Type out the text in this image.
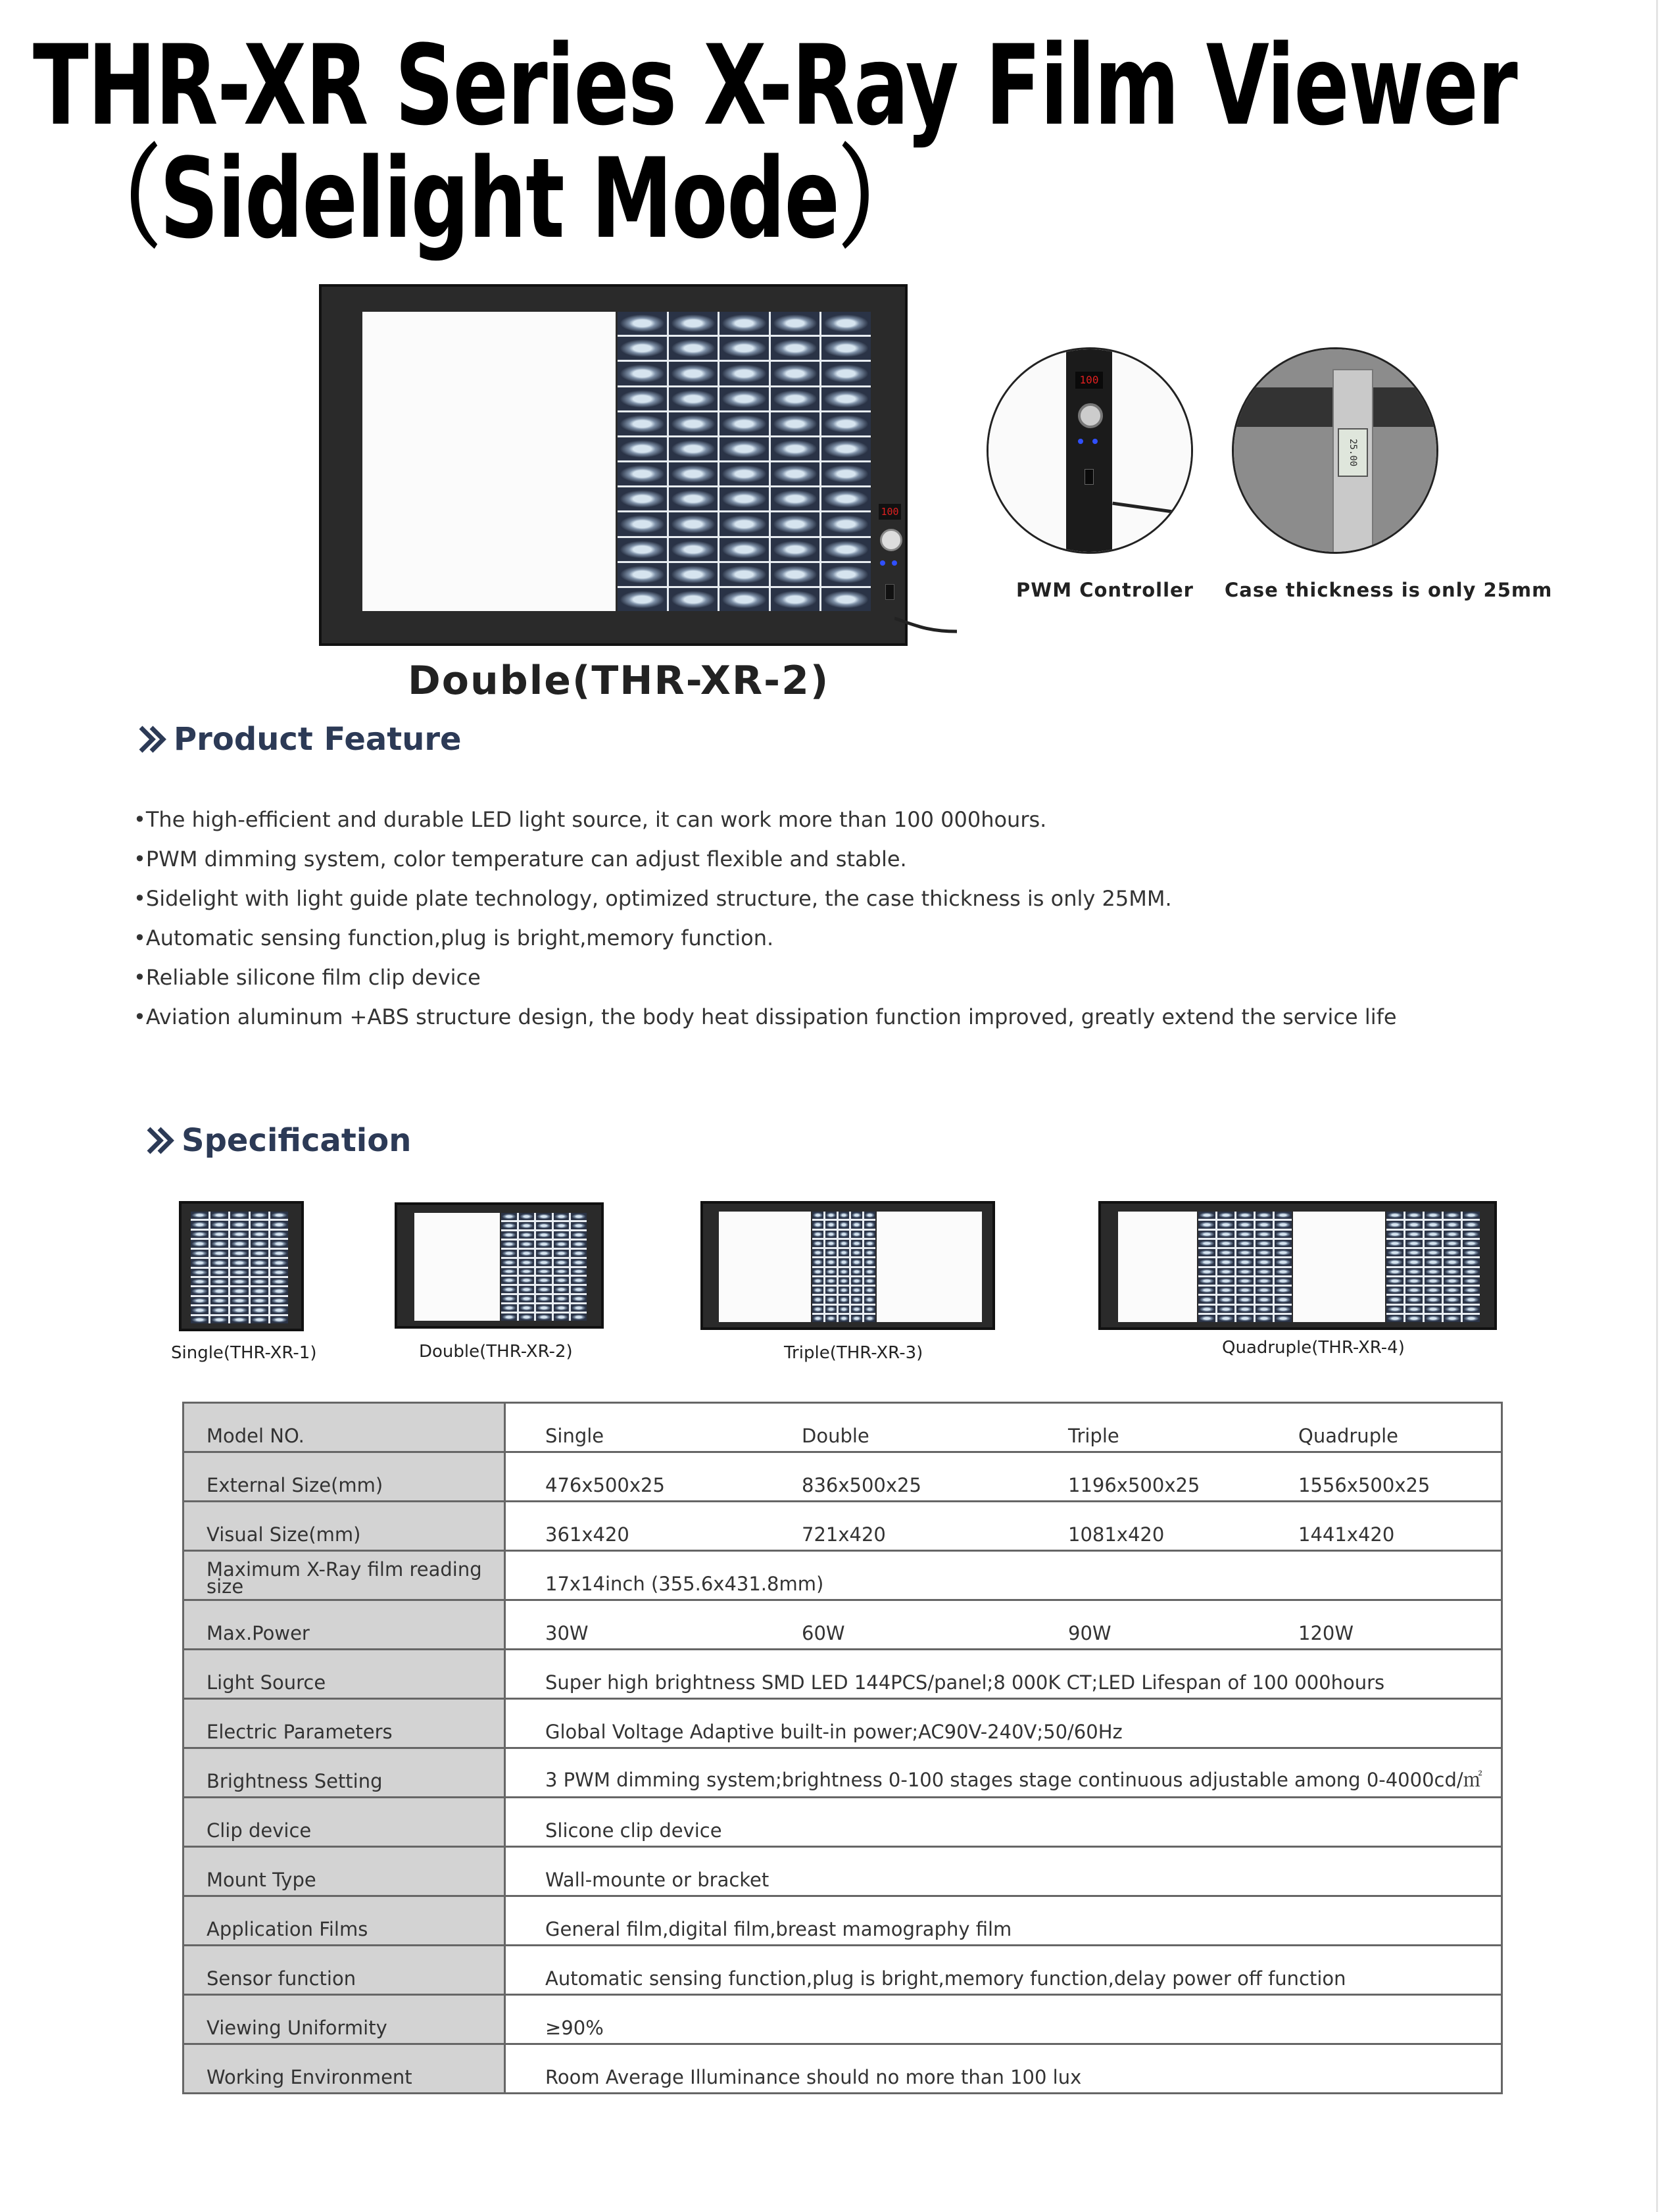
THR-XR Series X-Ray Film Viewer
（Sidelight Mode）
100
Double(THR-XR-2)
100
PWM Controller
25.00
Case thickness is only 25mm
Product Feature
•The high-efficient and durable LED light source, it can work more than 100 000hours.
•PWM dimming system, color temperature can adjust flexible and stable.
•Sidelight with light guide plate technology, optimized structure, the case thickness is only 25MM.
•Automatic sensing function,plug is bright,memory function.
•Reliable silicone film clip device
•Aviation aluminum +ABS structure design, the body heat dissipation function improved, greatly extend the service life
Specification
Single(THR-XR-1)	Double(THR-XR-2)	Triple(THR-XR-3)	Quadruple(THR-XR-4)
Model NO.	Single Double Triple Quadruple

External Size(mm)	476x500x25 836x500x25 1196x500x25 1556x500x25

Visual Size(mm)	361x420 721x420 1081x420 1441x420

Maximum X-Ray film reading size	17x14inch (355.6x431.8mm)

Max.Power	30W 60W 90W 120W

Light Source	Super high brightness SMD LED 144PCS/panel;8 000K CT;LED Lifespan of 100 000hours

Electric Parameters	Global Voltage Adaptive built-in power;AC90V-240V;50/60Hz

Brightness Setting	3 PWM dimming system;brightness 0-100 stages stage continuous adjustable among 0-4000cd/㎡

Clip device	Slicone clip device

Mount Type	Wall-mounte or bracket

Application Films	General film,digital film,breast mamography film

Sensor function	Automatic sensing function,plug is bright,memory function,delay power off function

Viewing Uniformity	≥90%

Working Environment	Room Average Illuminance should no more than 100 lux
